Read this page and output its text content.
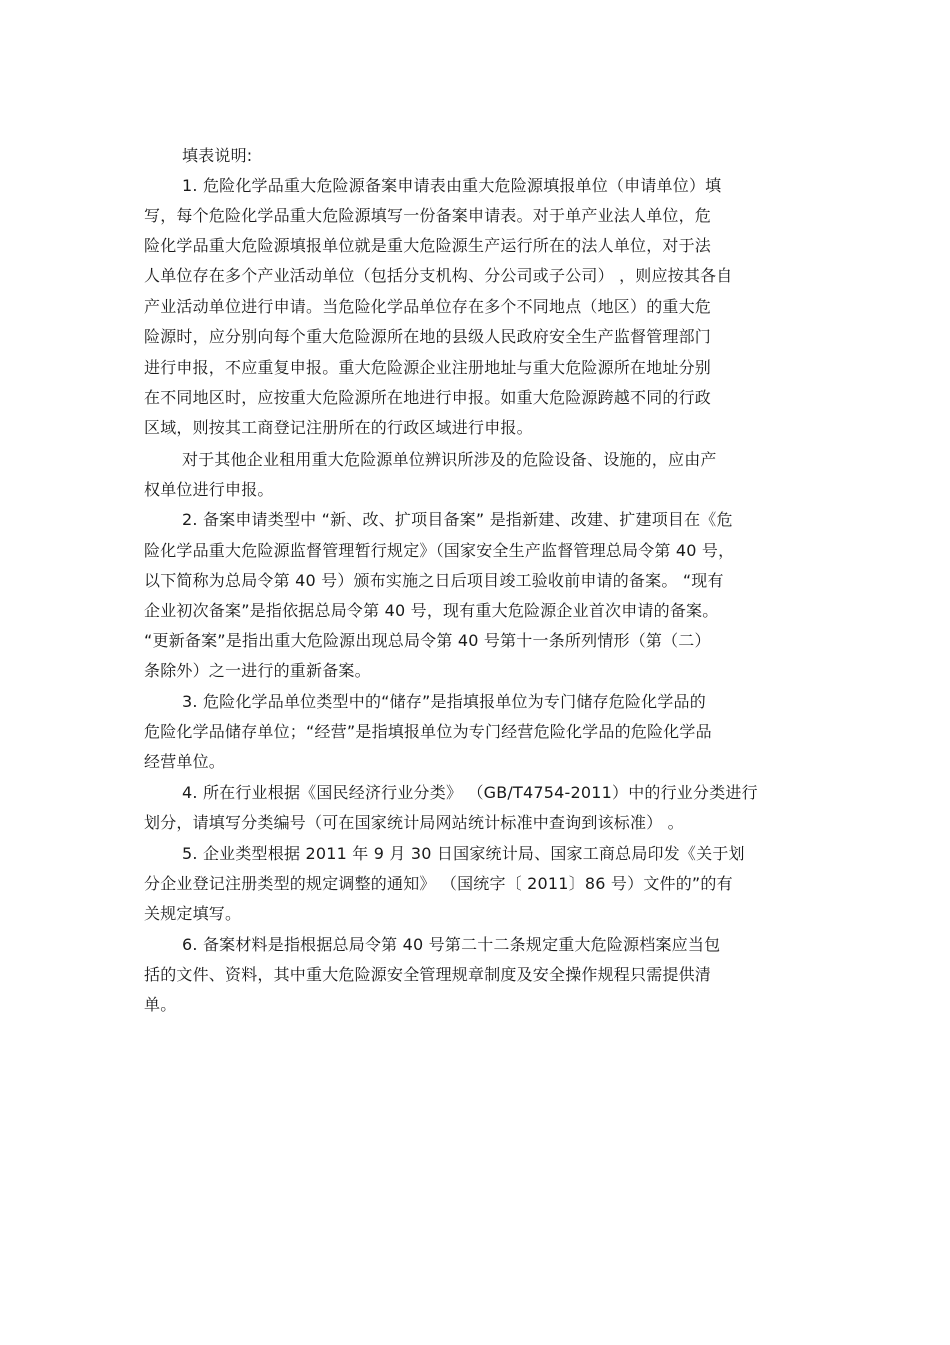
填表说明:
1. 危险化学品重大危险源备案申请表由重大危险源填报单位（申请单位）填
写，每个危险化学品重大危险源填写一份备案申请表。对于单产业法人单位，危
险化学品重大危险源填报单位就是重大危险源生产运行所在的法人单位，对于法
人单位存在多个产业活动单位（包括分支机构、分公司或子公司） ，则应按其各自
产业活动单位进行申请。当危险化学品单位存在多个不同地点（地区）的重大危
险源时，应分别向每个重大危险源所在地的县级人民政府安全生产监督管理部门
进行申报，不应重复申报。重大危险源企业注册地址与重大危险源所在地址分别
在不同地区时，应按重大危险源所在地进行申报。如重大危险源跨越不同的行政
区域，则按其工商登记注册所在的行政区域进行申报。
对于其他企业租用重大危险源单位辨识所涉及的危险设备、设施的，应由产
权单位进行申报。
2. 备案申请类型中 “新、改、扩项目备案” 是指新建、改建、扩建项目在《危
险化学品重大危险源监督管理暂行规定》（国家安全生产监督管理总局令第 40 号，
以下简称为总局令第 40 号）颁布实施之日后项目竣工验收前申请的备案。 “现有
企业初次备案”是指依据总局令第 40 号，现有重大危险源企业首次申请的备案。
“更新备案”是指出重大危险源出现总局令第 40 号第十一条所列情形（第（二）
条除外）之一进行的重新备案。
3. 危险化学品单位类型中的“储存”是指填报单位为专门储存危险化学品的
危险化学品储存单位；“经营”是指填报单位为专门经营危险化学品的危险化学品
经营单位。
4. 所在行业根据《国民经济行业分类》 （GB/T4754-2011）中的行业分类进行
划分，请填写分类编号（可在国家统计局网站统计标准中查询到该标准） 。
5. 企业类型根据 2011 年 9 月 30 日国家统计局、国家工商总局印发《关于划
分企业登记注册类型的规定调整的通知》 （国统字〔 2011〕86 号）文件的”的有
关规定填写。
6. 备案材料是指根据总局令第 40 号第二十二条规定重大危险源档案应当包
括的文件、资料，其中重大危险源安全管理规章制度及安全操作规程只需提供清
单。
